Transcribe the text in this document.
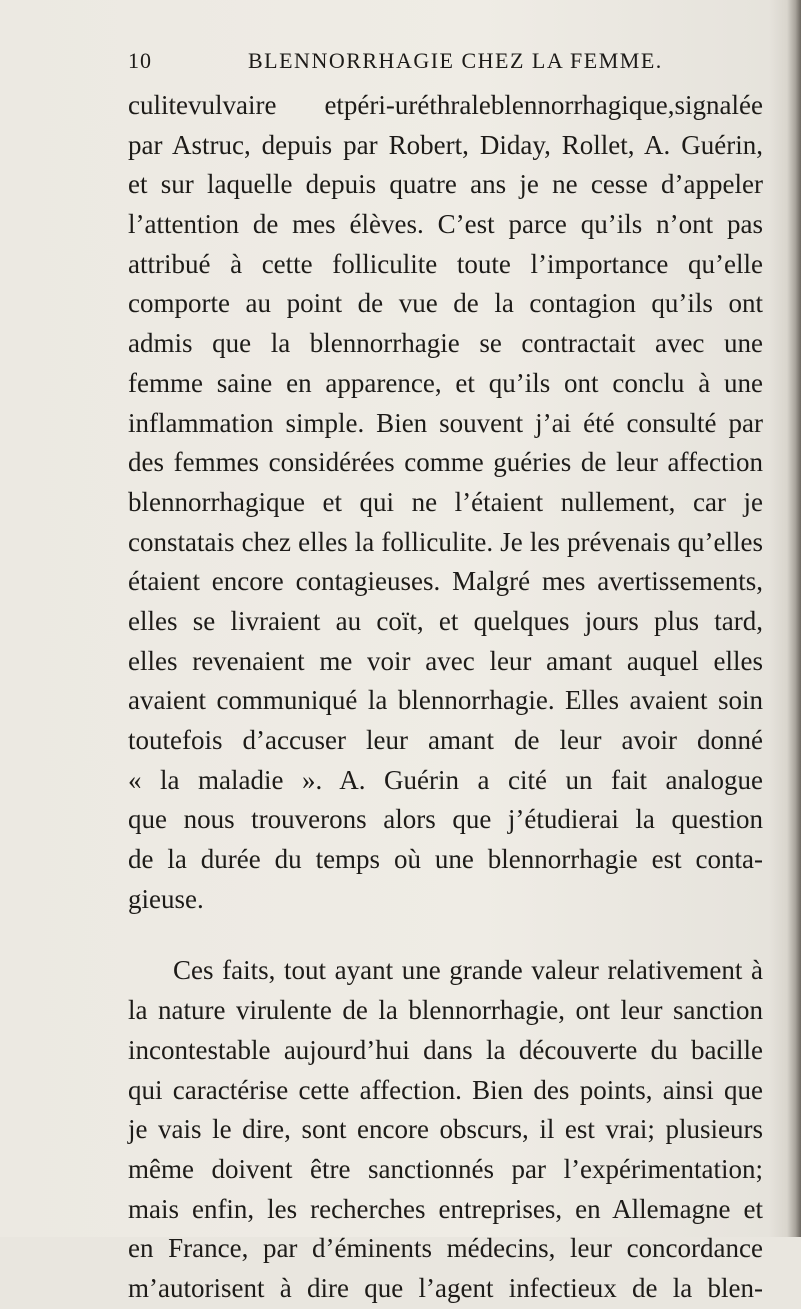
10	BLENNORRHAGIE CHEZ LA FEMME.
culitevulvaire etpéri-uréthraleblennorrhagique,signalée
par Astruc, depuis par Robert, Diday, Rollet, A. Guérin,
et sur laquelle depuis quatre ans je ne cesse d’appeler
l’attention de mes élèves. C’est parce qu’ils n’ont pas
attribué à cette folliculite toute l’importance qu’elle
comporte au point de vue de la contagion qu’ils ont
admis que la blennorrhagie se contractait avec une
femme saine en apparence, et qu’ils ont conclu à une
inflammation simple. Bien souvent j’ai été consulté par
des femmes considérées comme guéries de leur affection
blennorrhagique et qui ne l’étaient nullement, car je
constatais chez elles la folliculite. Je les prévenais qu’elles
étaient encore contagieuses. Malgré mes avertissements,
elles se livraient au coït, et quelques jours plus tard,
elles revenaient me voir avec leur amant auquel elles
avaient communiqué la blennorrhagie. Elles avaient soin
toutefois d’accuser leur amant de leur avoir donné
« la maladie ». A. Guérin a cité un fait analogue
que nous trouverons alors que j’étudierai la question
de la durée du temps où une blennorrhagie est conta-
gieuse.
Ces faits, tout ayant une grande valeur relativement à
la nature virulente de la blennorrhagie, ont leur sanction
incontestable aujourd’hui dans la découverte du bacille
qui caractérise cette affection. Bien des points, ainsi que
je vais le dire, sont encore obscurs, il est vrai; plusieurs
même doivent être sanctionnés par l’expérimentation;
mais enfin, les recherches entreprises, en Allemagne et
en France, par d’éminents médecins, leur concordance
m’autorisent à dire que l’agent infectieux de la blen-
